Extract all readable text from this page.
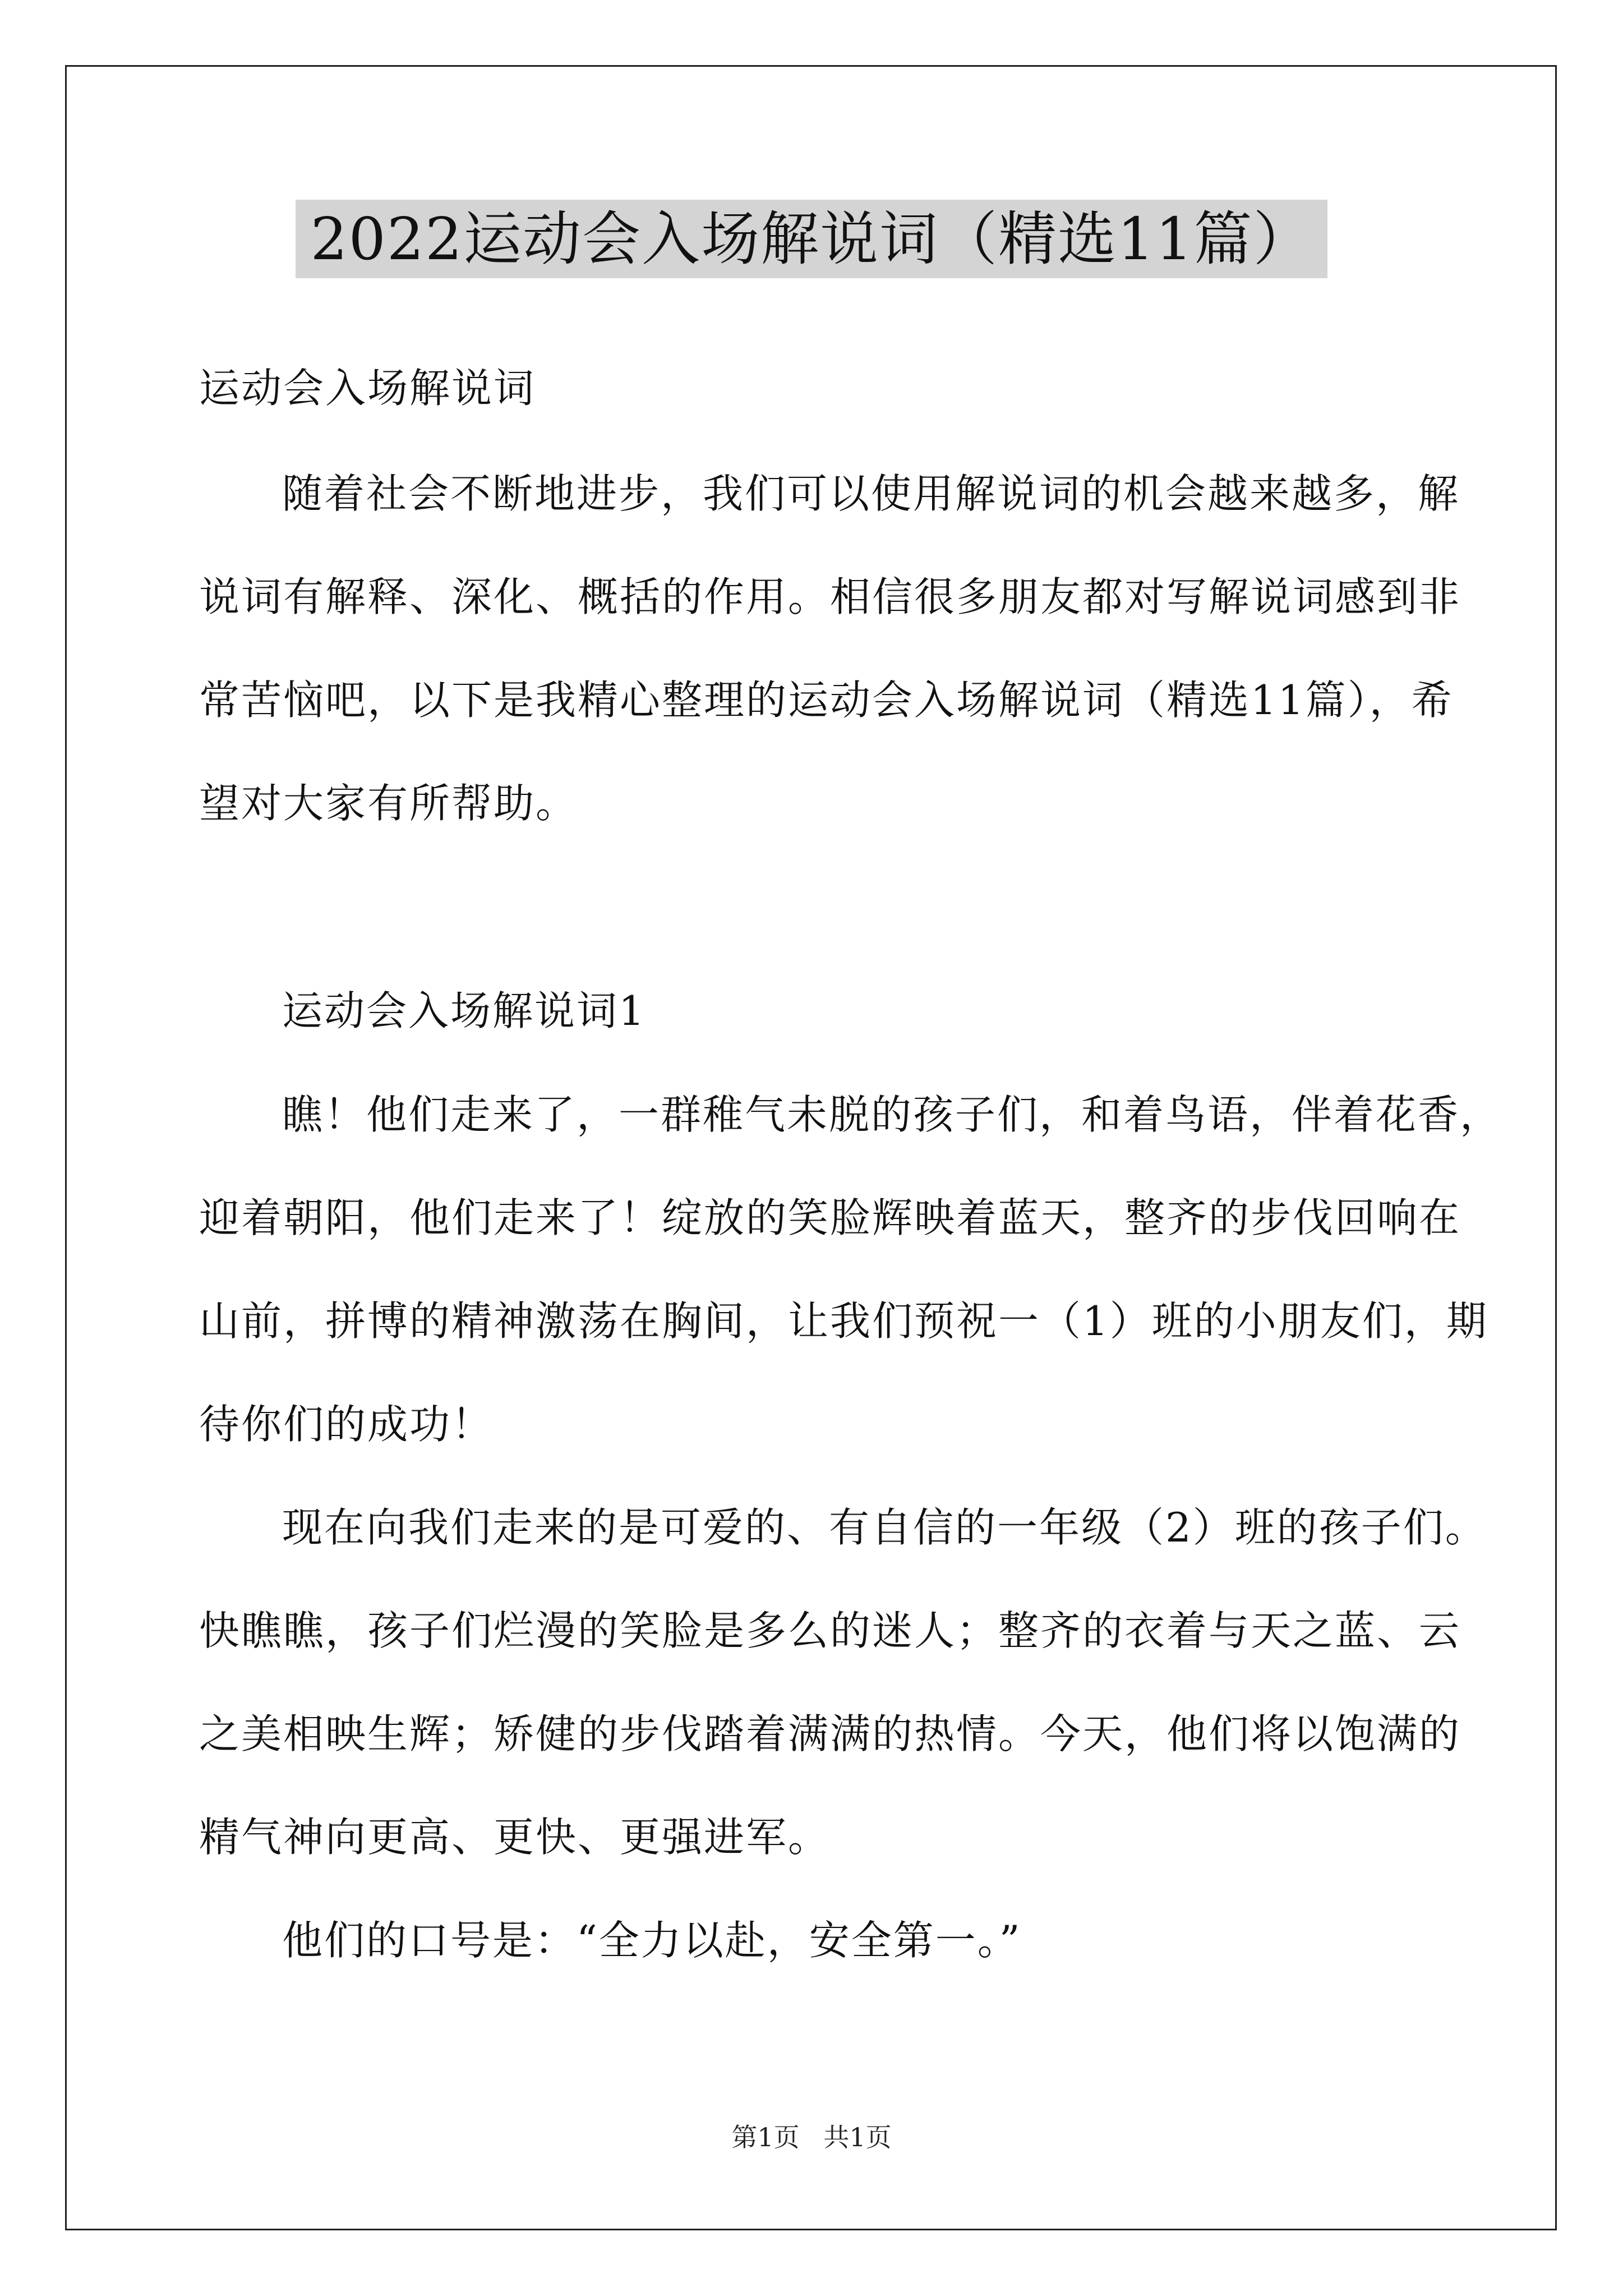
2022运动会入场解说词（精选11篇）

运动会入场解说词

随着社会不断地进步，我们可以使用解说词的机会越来越多，解

说词有解释、深化、概括的作用。相信很多朋友都对写解说词感到非

常苦恼吧，以下是我精心整理的运动会入场解说词（精选11篇），希

望对大家有所帮助。

运动会入场解说词1

瞧！他们走来了，一群稚气未脱的孩子们，和着鸟语，伴着花香，

迎着朝阳，他们走来了！绽放的笑脸辉映着蓝天，整齐的步伐回响在

山前，拼博的精神激荡在胸间，让我们预祝一（1）班的小朋友们，期

待你们的成功！

现在向我们走来的是可爱的、有自信的一年级（2）班的孩子们。

快瞧瞧，孩子们烂漫的笑脸是多么的迷人；整齐的衣着与天之蓝、云

之美相映生辉；矫健的步伐踏着满满的热情。今天，他们将以饱满的

精气神向更高、更快、更强进军。

他们的口号是：“全力以赴，安全第一。”

第1页 共1页
